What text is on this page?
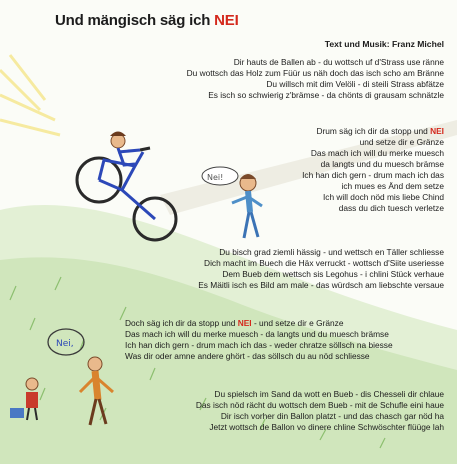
Nei!
Nei,
Und mängisch säg ich NEI
Text und Musik: Franz Michel
Dir hauts de Ballen ab - du wottsch uf d'Strass use ränne
Du wottsch das Holz zum Füür us näh doch das isch scho am Bränne
Du willsch mit dim Velöli - di steili Strass abfätze
Es isch so schwierig z'brämse - da chönts di grausam schnätzle
Drum säg ich dir da stopp und NEI
und setze dir e Gränze
Das mach ich will du merke muesch
da langts und du muesch brämse
Ich han dich gern - drum mach ich das
ich mues es Änd dem setze
Ich will doch nöd mis liebe Chind
dass du dich tuesch verletze
Du bisch grad ziemli hässig - und wettsch en Täller schliesse
Dich macht im Buech die Häx verruckt - wottsch d'Siite useriesse
Dem Bueb dem wettsch sis Legohus - i chlini Stück verhaue
Es Mäitli isch es Bild am male - das würdsch am liebschte versaue
Doch säg ich dir da stopp und NEI - und setze dir e Gränze
Das mach ich will du merke muesch - da langts und du muesch brämse
Ich han dich gern - drum mach ich das - weder chratze söllsch na biesse
Was dir oder amne andere ghört - das söllsch du au nöd schliesse
Du spielsch im Sand da wott en Bueb - dis Chesseli dir chlaue
Das isch nöd rächt du wottsch dem Bueb - mit de Schufle eini haue
Dir isch vorher din Ballon platzt - und das chasch gar nöd ha
Jetzt wottsch de Ballon vo dinere chline Schwöschter flüüge lah
